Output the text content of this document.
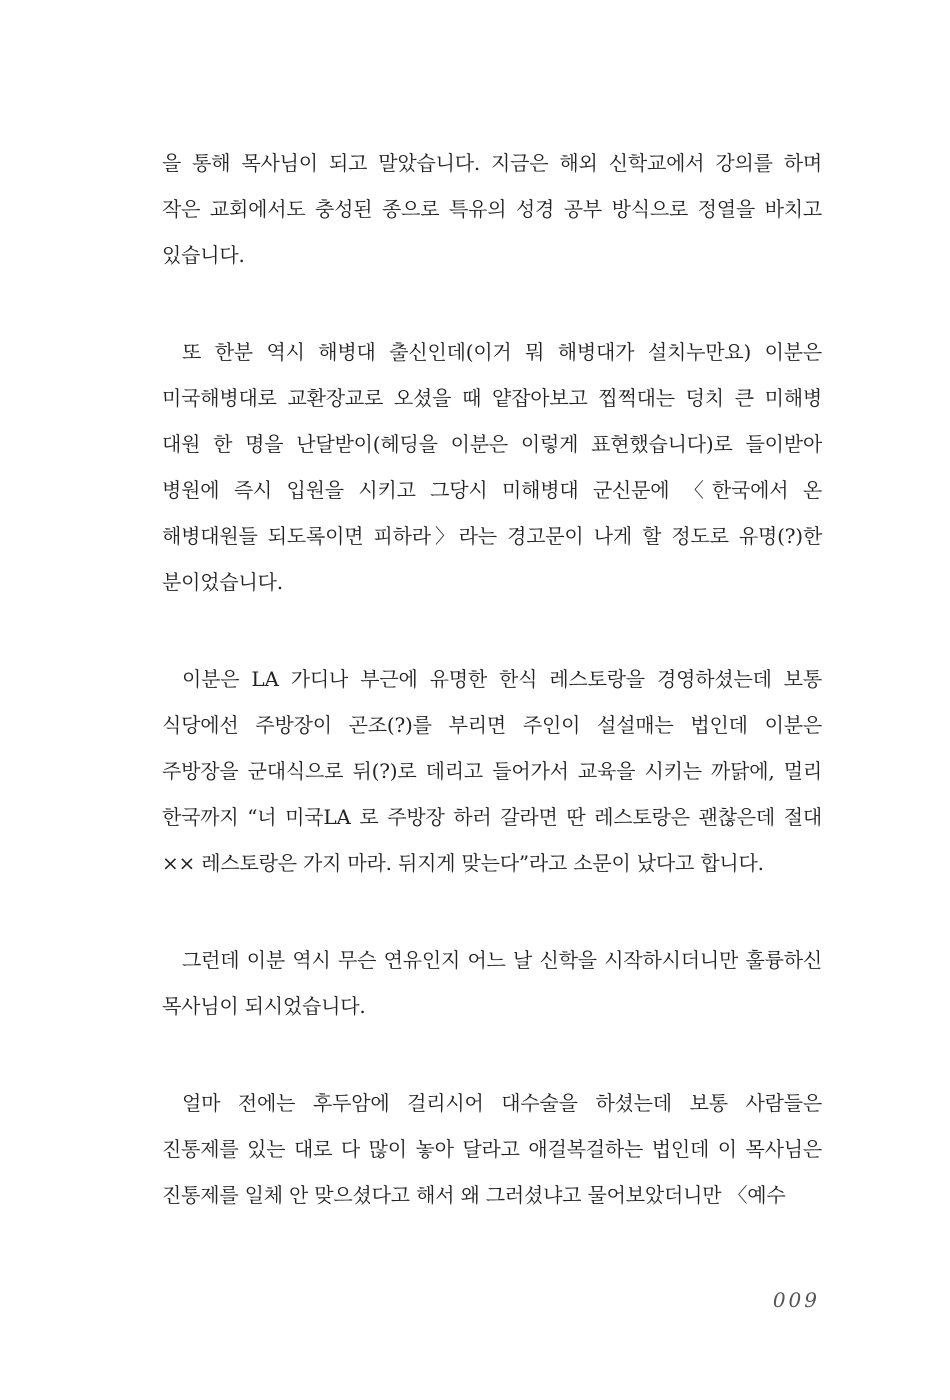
을 통해 목사님이 되고 말았습니다. 지금은 해외 신학교에서 강의를 하며 작은 교회에서도 충성된 종으로 특유의 성경 공부 방식으로 정열을 바치고 있습니다.

또 한분 역시 해병대 출신인데(이거 뭐 해병대가 설치누만요) 이분은 미국해병대로 교환장교로 오셨을 때 얕잡아보고 찝쩍대는 덩치 큰 미해병 대원 한 명을 난달받이(헤딩을 이분은 이렇게 표현했습니다)로 들이받아 병원에 즉시 입원을 시키고 그당시 미해병대 군신문에 〈한국에서 온 해병대원들 되도록이면 피하라〉라는 경고문이 나게 할 정도로 유명(?)한 분이었습니다.

이분은 LA 가디나 부근에 유명한 한식 레스토랑을 경영하셨는데 보통 식당에선 주방장이 곤조(?)를 부리면 주인이 설설매는 법인데 이분은 주방장을 군대식으로 뒤(?)로 데리고 들어가서 교육을 시키는 까닭에, 멀리 한국까지 “너 미국LA 로 주방장 하러 갈라면 딴 레스토랑은 괜찮은데 절대 ×× 레스토랑은 가지 마라. 뒤지게 맞는다”라고 소문이 났다고 합니다.

그런데 이분 역시 무슨 연유인지 어느 날 신학을 시작하시더니만 훌륭하신 목사님이 되시었습니다.

얼마 전에는 후두암에 걸리시어 대수술을 하셨는데 보통 사람들은 진통제를 있는 대로 다 많이 놓아 달라고 애걸복걸하는 법인데 이 목사님은 진통제를 일체 안 맞으셨다고 해서 왜 그러셨냐고 물어보았더니만 〈예수

009
